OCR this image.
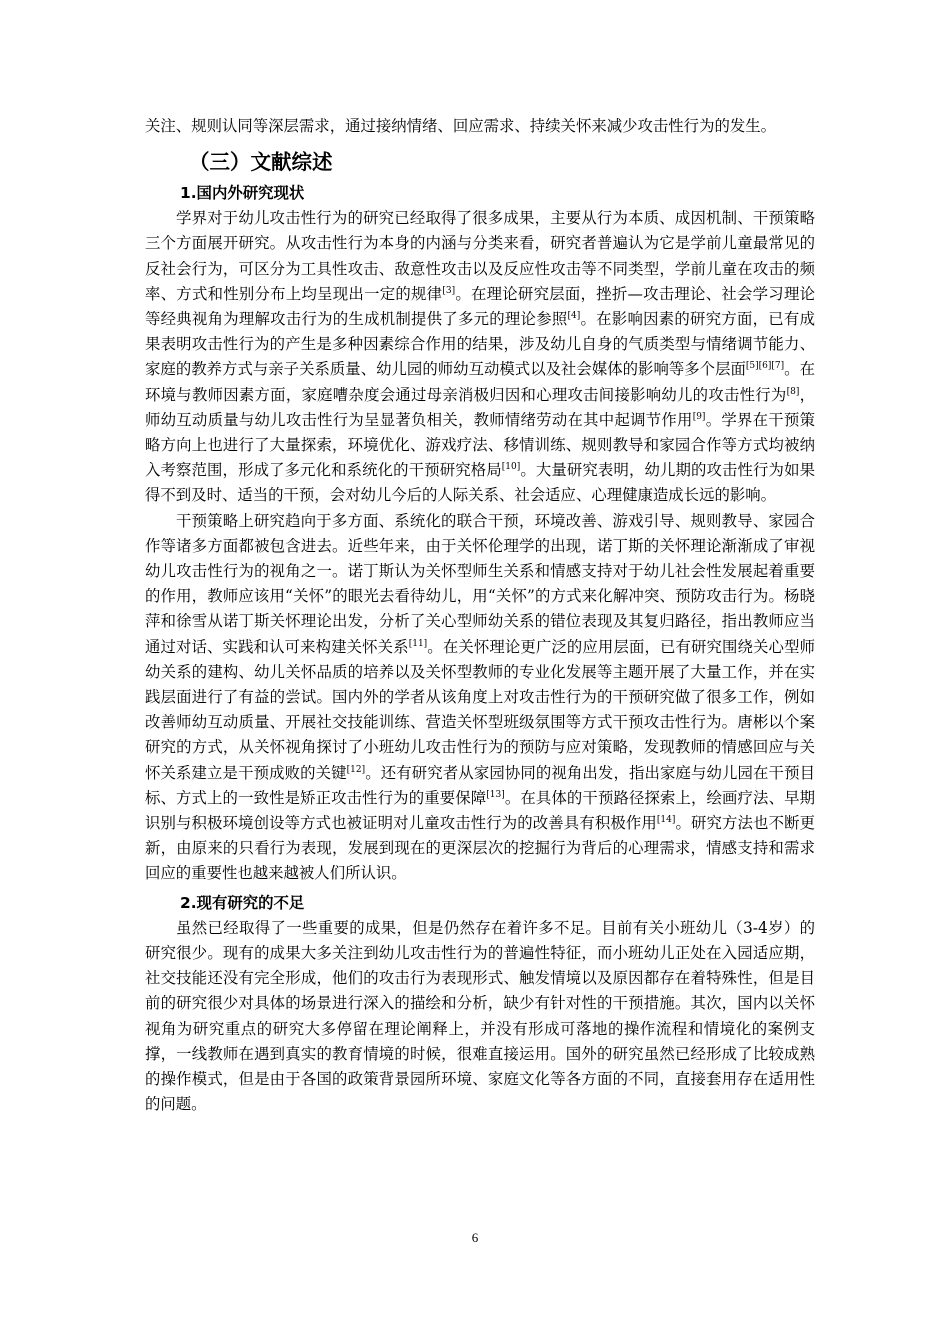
关注、规则认同等深层需求，通过接纳情绪、回应需求、持续关怀来减少攻击性行为的发生。

（三）文献综述
1.国内外研究现状

学界对于幼儿攻击性行为的研究已经取得了很多成果，主要从行为本质、成因机制、干预策略三个方面展开研究。从攻击性行为本身的内涵与分类来看，研究者普遍认为它是学前儿童最常见的反社会行为，可区分为工具性攻击、敌意性攻击以及反应性攻击等不同类型，学前儿童在攻击的频率、方式和性别分布上均呈现出一定的规律[3]。在理论研究层面，挫折—攻击理论、社会学习理论等经典视角为理解攻击行为的生成机制提供了多元的理论参照[4]。在影响因素的研究方面，已有成果表明攻击性行为的产生是多种因素综合作用的结果，涉及幼儿自身的气质类型与情绪调节能力、家庭的教养方式与亲子关系质量、幼儿园的师幼互动模式以及社会媒体的影响等多个层面[5][6][7]。在环境与教师因素方面，家庭嘈杂度会通过母亲消极归因和心理攻击间接影响幼儿的攻击性行为[8]，师幼互动质量与幼儿攻击性行为呈显著负相关，教师情绪劳动在其中起调节作用[9]。学界在干预策略方向上也进行了大量探索，环境优化、游戏疗法、移情训练、规则教导和家园合作等方式均被纳入考察范围，形成了多元化和系统化的干预研究格局[10]。大量研究表明，幼儿期的攻击性行为如果得不到及时、适当的干预，会对幼儿今后的人际关系、社会适应、心理健康造成长远的影响。

干预策略上研究趋向于多方面、系统化的联合干预，环境改善、游戏引导、规则教导、家园合作等诸多方面都被包含进去。近些年来，由于关怀伦理学的出现，诺丁斯的关怀理论渐渐成了审视幼儿攻击性行为的视角之一。诺丁斯认为关怀型师生关系和情感支持对于幼儿社会性发展起着重要的作用，教师应该用“关怀”的眼光去看待幼儿，用“关怀”的方式来化解冲突、预防攻击行为。杨晓萍和徐雪从诺丁斯关怀理论出发，分析了关心型师幼关系的错位表现及其复归路径，指出教师应当通过对话、实践和认可来构建关怀关系[11]。在关怀理论更广泛的应用层面，已有研究围绕关心型师幼关系的建构、幼儿关怀品质的培养以及关怀型教师的专业化发展等主题开展了大量工作，并在实践层面进行了有益的尝试。国内外的学者从该角度上对攻击性行为的干预研究做了很多工作，例如改善师幼互动质量、开展社交技能训练、营造关怀型班级氛围等方式干预攻击性行为。唐彬以个案研究的方式，从关怀视角探讨了小班幼儿攻击性行为的预防与应对策略，发现教师的情感回应与关怀关系建立是干预成败的关键[12]。还有研究者从家园协同的视角出发，指出家庭与幼儿园在干预目标、方式上的一致性是矫正攻击性行为的重要保障[13]。在具体的干预路径探索上，绘画疗法、早期识别与积极环境创设等方式也被证明对儿童攻击性行为的改善具有积极作用[14]。研究方法也不断更新，由原来的只看行为表现，发展到现在的更深层次的挖掘行为背后的心理需求，情感支持和需求回应的重要性也越来越被人们所认识。

2.现有研究的不足

虽然已经取得了一些重要的成果，但是仍然存在着许多不足。目前有关小班幼儿（3-4岁）的研究很少。现有的成果大多关注到幼儿攻击性行为的普遍性特征，而小班幼儿正处在入园适应期，社交技能还没有完全形成，他们的攻击行为表现形式、触发情境以及原因都存在着特殊性，但是目前的研究很少对具体的场景进行深入的描绘和分析，缺少有针对性的干预措施。其次，国内以关怀视角为研究重点的研究大多停留在理论阐释上，并没有形成可落地的操作流程和情境化的案例支撑，一线教师在遇到真实的教育情境的时候，很难直接运用。国外的研究虽然已经形成了比较成熟的操作模式，但是由于各国的政策背景园所环境、家庭文化等各方面的不同，直接套用存在适用性的问题。

6
